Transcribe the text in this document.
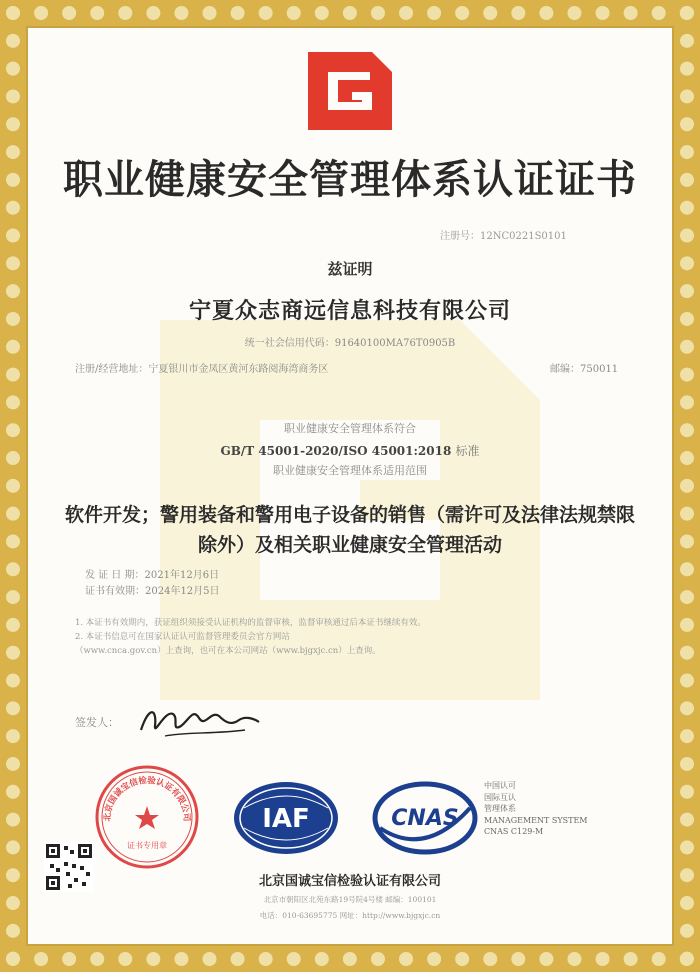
职业健康安全管理体系认证证书
注册号：12NC0221S0101
兹证明
宁夏众志商远信息科技有限公司
统一社会信用代码：91640100MA76T0905B
注册/经营地址：宁夏银川市金凤区黄河东路阅海湾商务区	邮编：750011
职业健康安全管理体系符合
GB/T 45001-2020/ISO 45001:2018 标准
职业健康安全管理体系适用范围
软件开发；警用装备和警用电子设备的销售（需许可及法律法规禁限除外）及相关职业健康安全管理活动
发 证 日 期：2021年12月6日
证书有效期：2024年12月5日
1. 本证书有效期内，获证组织须接受认证机构的监督审核，监督审核通过后本证书继续有效。
2. 本证书信息可在国家认证认可监督管理委员会官方网站
（www.cnca.gov.cn）上查询，也可在本公司网站（www.bjgxjc.cn）上查询。
签发人：
北京国诚宝信检验认证有限公司
证书专用章
IAF	CNAS
中国认可
国际互认
管理体系
MANAGEMENT SYSTEM
CNAS C129-M
北京国诚宝信检验认证有限公司
北京市朝阳区北苑东路19号院4号楼 邮编：100101
电话：010-63695775 网址：http://www.bjgxjc.cn
